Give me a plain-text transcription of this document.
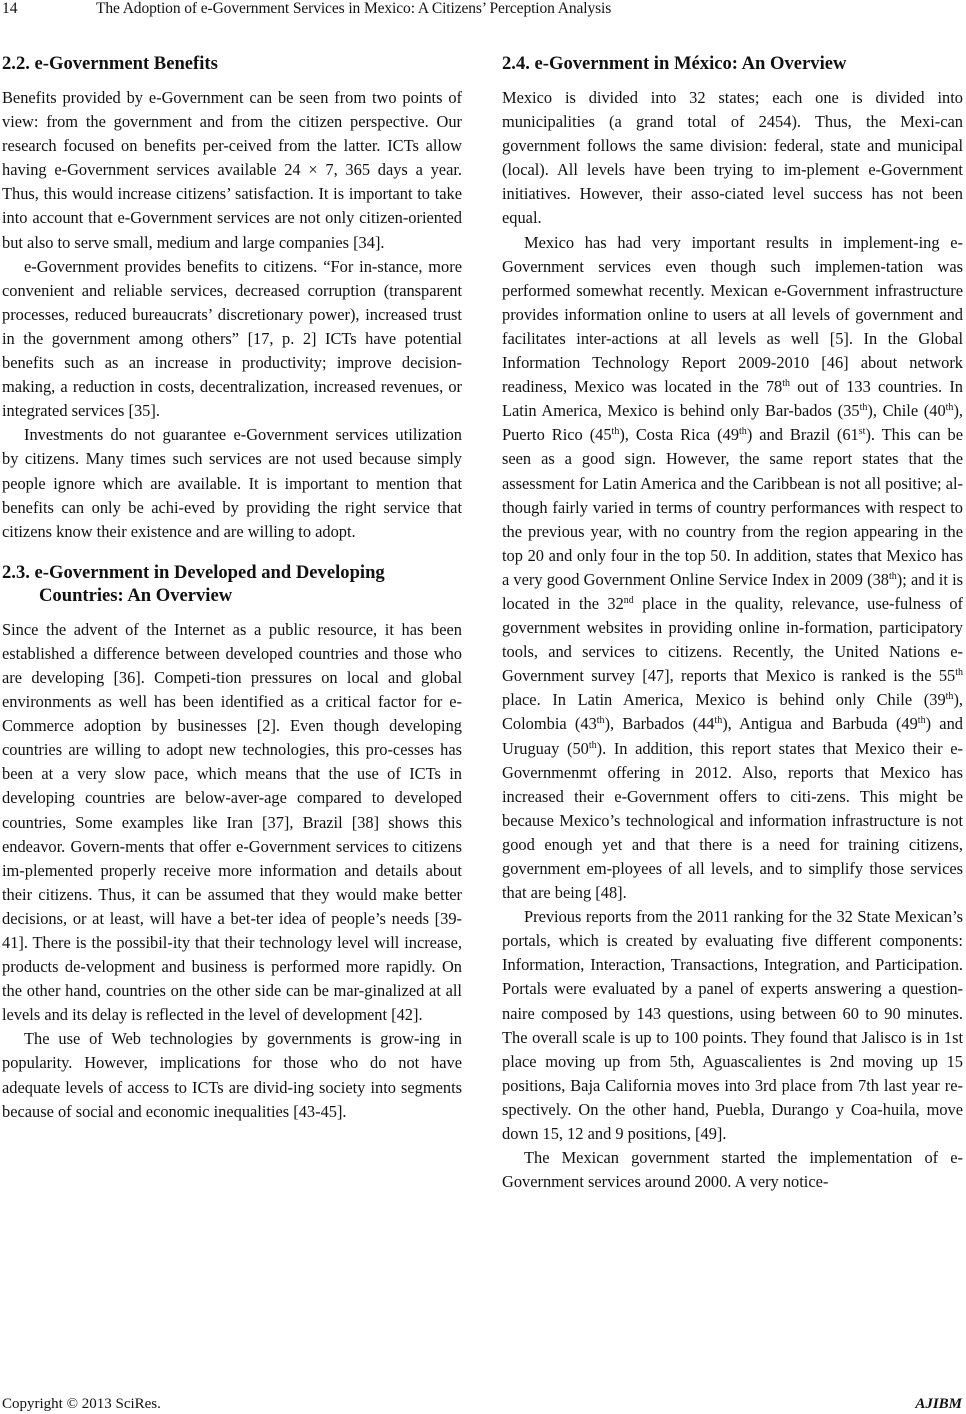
14	The Adoption of e-Government Services in Mexico: A Citizens’ Perception Analysis
2.2. e-Government Benefits

Benefits provided by e-Government can be seen from two points of view: from the government and from the citizen perspective. Our research focused on benefits per-ceived from the latter. ICTs allow having e-Government services available 24 × 7, 365 days a year. Thus, this would increase citizens’ satisfaction. It is important to take into account that e-Government services are not only citizen-oriented but also to serve small, medium and large companies [34].

e-Government provides benefits to citizens. “For in-stance, more convenient and reliable services, decreased corruption (transparent processes, reduced bureaucrats’ discretionary power), increased trust in the government among others” [17, p. 2] ICTs have potential benefits such as an increase in productivity; improve decision-making, a reduction in costs, decentralization, increased revenues, or integrated services [35].

Investments do not guarantee e-Government services utilization by citizens. Many times such services are not used because simply people ignore which are available. It is important to mention that benefits can only be achi-eved by providing the right service that citizens know their existence and are willing to adopt.

2.3. e-Government in Developed and Developing Countries: An Overview

Since the advent of the Internet as a public resource, it has been established a difference between developed countries and those who are developing [36]. Competi-tion pressures on local and global environments as well has been identified as a critical factor for e-Commerce adoption by businesses [2]. Even though developing countries are willing to adopt new technologies, this pro-cesses has been at a very slow pace, which means that the use of ICTs in developing countries are below-aver-age compared to developed countries, Some examples like Iran [37], Brazil [38] shows this endeavor. Govern-ments that offer e-Government services to citizens im-plemented properly receive more information and details about their citizens. Thus, it can be assumed that they would make better decisions, or at least, will have a bet-ter idea of people’s needs [39-41]. There is the possibil-ity that their technology level will increase, products de-velopment and business is performed more rapidly. On the other hand, countries on the other side can be mar-ginalized at all levels and its delay is reflected in the level of development [42].

The use of Web technologies by governments is grow-ing in popularity. However, implications for those who do not have adequate levels of access to ICTs are divid-ing society into segments because of social and economic inequalities [43-45].

2.4. e-Government in México: An Overview

Mexico is divided into 32 states; each one is divided into municipalities (a grand total of 2454). Thus, the Mexi-can government follows the same division: federal, state and municipal (local). All levels have been trying to im-plement e-Government initiatives. However, their asso-ciated level success has not been equal.

Mexico has had very important results in implement-ing e-Government services even though such implemen-tation was performed somewhat recently. Mexican e-Government infrastructure provides information online to users at all levels of government and facilitates inter-actions at all levels as well [5]. In the Global Information Technology Report 2009-2010 [46] about network readiness, Mexico was located in the 78th out of 133 countries. In Latin America, Mexico is behind only Bar-bados (35th), Chile (40th), Puerto Rico (45th), Costa Rica (49th) and Brazil (61st). This can be seen as a good sign. However, the same report states that the assessment for Latin America and the Caribbean is not all positive; al-though fairly varied in terms of country performances with respect to the previous year, with no country from the region appearing in the top 20 and only four in the top 50. In addition, states that Mexico has a very good Government Online Service Index in 2009 (38th); and it is located in the 32nd place in the quality, relevance, use-fulness of government websites in providing online in-formation, participatory tools, and services to citizens. Recently, the United Nations e-Government survey [47], reports that Mexico is ranked is the 55th place. In Latin America, Mexico is behind only Chile (39th), Colombia (43th), Barbados (44th), Antigua and Barbuda (49th) and Uruguay (50th). In addition, this report states that Mexico their e-Governmenmt offering in 2012. Also, reports that Mexico has increased their e-Government offers to citi-zens. This might be because Mexico’s technological and information infrastructure is not good enough yet and that there is a need for training citizens, government em-ployees of all levels, and to simplify those services that are being [48].

Previous reports from the 2011 ranking for the 32 State Mexican’s portals, which is created by evaluating five different components: Information, Interaction, Transactions, Integration, and Participation. Portals were evaluated by a panel of experts answering a question-naire composed by 143 questions, using between 60 to 90 minutes. The overall scale is up to 100 points. They found that Jalisco is in 1st place moving up from 5th, Aguascalientes is 2nd moving up 15 positions, Baja California moves into 3rd place from 7th last year re-spectively. On the other hand, Puebla, Durango y Coa-huila, move down 15, 12 and 9 positions, [49].

The Mexican government started the implementation of e-Government services around 2000. A very notice-

Copyright © 2013 SciRes.	AJIBM
